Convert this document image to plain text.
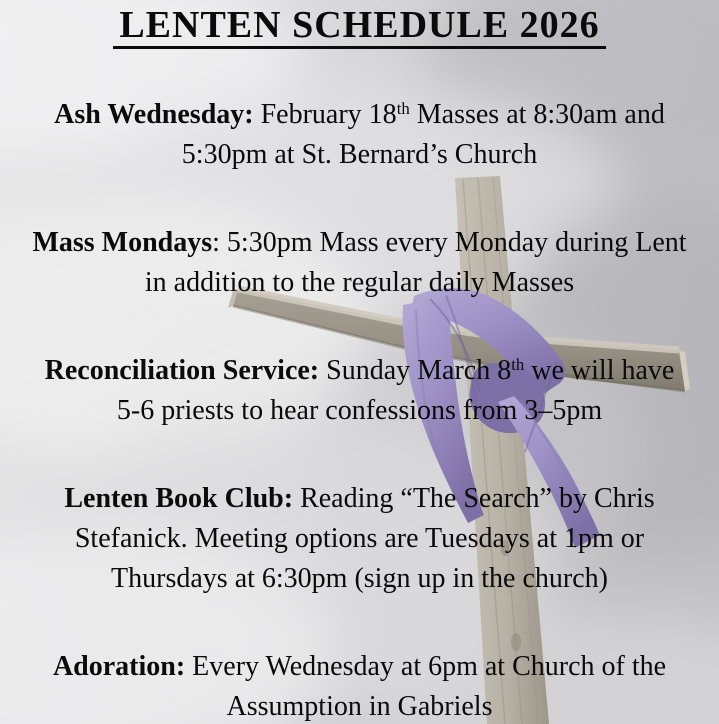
LENTEN SCHEDULE 2026
Ash Wednesday: February 18th Masses at 8:30am and
5:30pm at St. Bernard’s Church
Mass Mondays: 5:30pm Mass every Monday during Lent
in addition to the regular daily Masses
Reconciliation Service: Sunday March 8th we will have
5-6 priests to hear confessions from 3–5pm
Lenten Book Club: Reading “The Search” by Chris
Stefanick. Meeting options are Tuesdays at 1pm or
Thursdays at 6:30pm (sign up in the church)
Adoration: Every Wednesday at 6pm at Church of the
Assumption in Gabriels
